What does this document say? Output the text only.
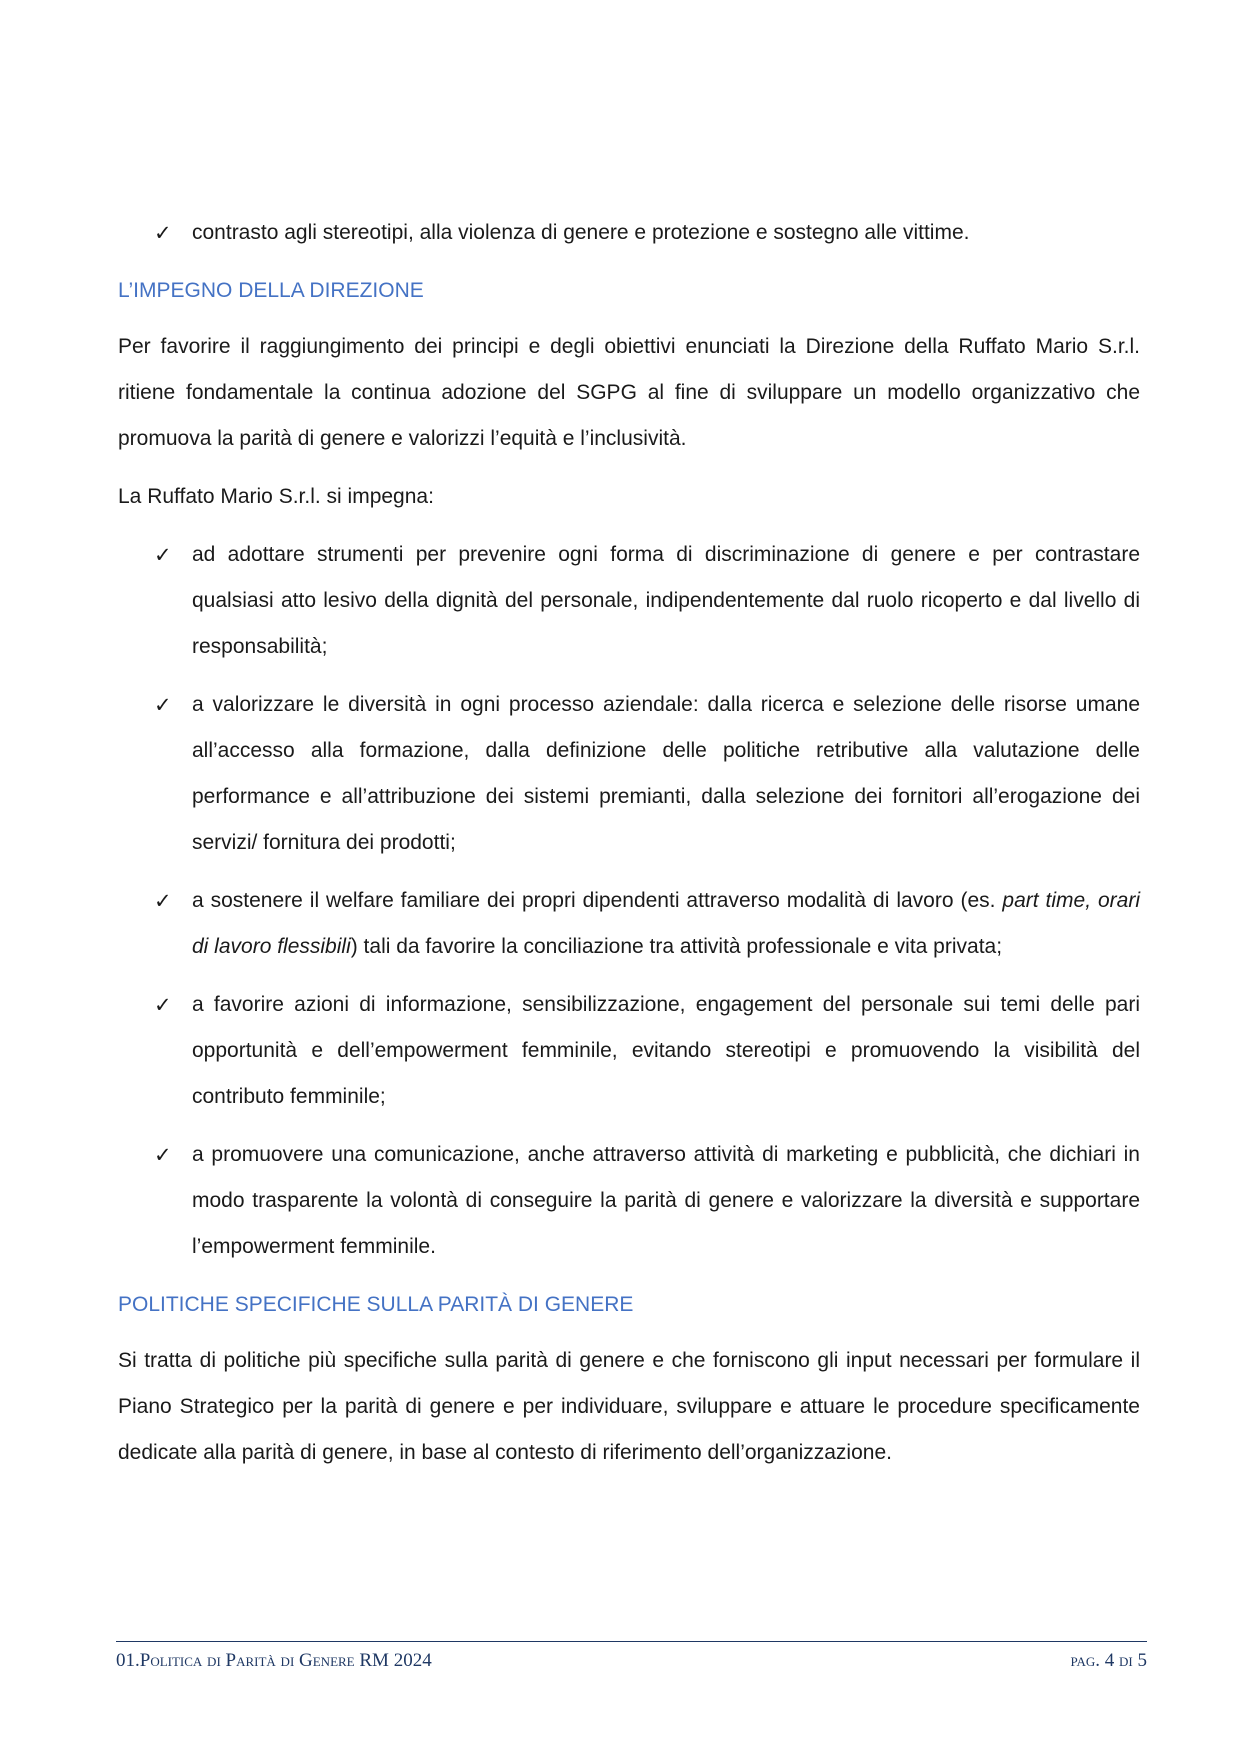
✓ contrasto agli stereotipi, alla violenza di genere e protezione e sostegno alle vittime.
L’IMPEGNO DELLA DIREZIONE
Per favorire il raggiungimento dei principi e degli obiettivi enunciati la Direzione della Ruffato Mario S.r.l. ritiene fondamentale la continua adozione del SGPG al fine di sviluppare un modello organizzativo che promuova la parità di genere e valorizzi l’equità e l’inclusività.
La Ruffato Mario S.r.l. si impegna:
✓ ad adottare strumenti per prevenire ogni forma di discriminazione di genere e per contrastare qualsiasi atto lesivo della dignità del personale, indipendentemente dal ruolo ricoperto e dal livello di responsabilità;
✓ a valorizzare le diversità in ogni processo aziendale: dalla ricerca e selezione delle risorse umane all’accesso alla formazione, dalla definizione delle politiche retributive alla valutazione delle performance e all’attribuzione dei sistemi premianti, dalla selezione dei fornitori all’erogazione dei servizi/ fornitura dei prodotti;
✓ a sostenere il welfare familiare dei propri dipendenti attraverso modalità di lavoro (es. part time, orari di lavoro flessibili) tali da favorire la conciliazione tra attività professionale e vita privata;
✓ a favorire azioni di informazione, sensibilizzazione, engagement del personale sui temi delle pari opportunità e dell’empowerment femminile, evitando stereotipi e promuovendo la visibilità del contributo femminile;
✓ a promuovere una comunicazione, anche attraverso attività di marketing e pubblicità, che dichiari in modo trasparente la volontà di conseguire la parità di genere e valorizzare la diversità e supportare l’empowerment femminile.
POLITICHE SPECIFICHE SULLA PARITÀ DI GENERE
Si tratta di politiche più specifiche sulla parità di genere e che forniscono gli input necessari per formulare il Piano Strategico per la parità di genere e per individuare, sviluppare e attuare le procedure specificamente dedicate alla parità di genere, in base al contesto di riferimento dell’organizzazione.
01.Politica di Parità di Genere RM 2024	pag. 4 di 5
